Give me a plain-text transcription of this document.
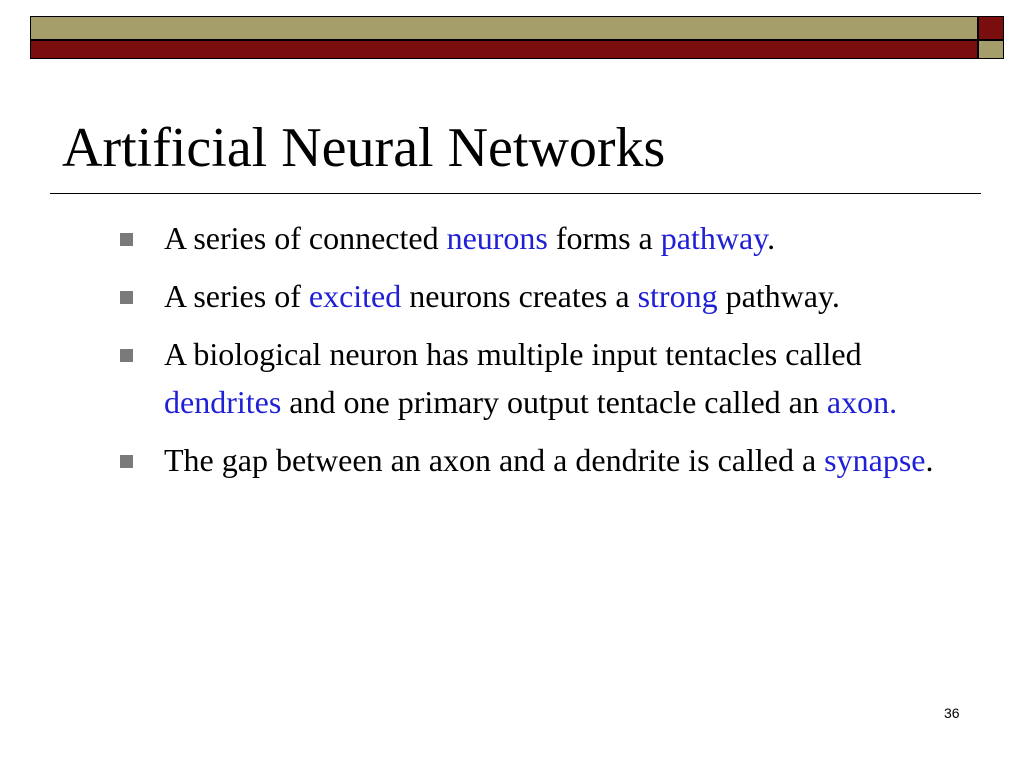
Artificial Neural Networks
A series of connected neurons forms a pathway.
A series of excited neurons creates a strong pathway.
A biological neuron has multiple input tentacles called dendrites and one primary output tentacle called an axon.
The gap between an axon and a dendrite is called a synapse.
36
